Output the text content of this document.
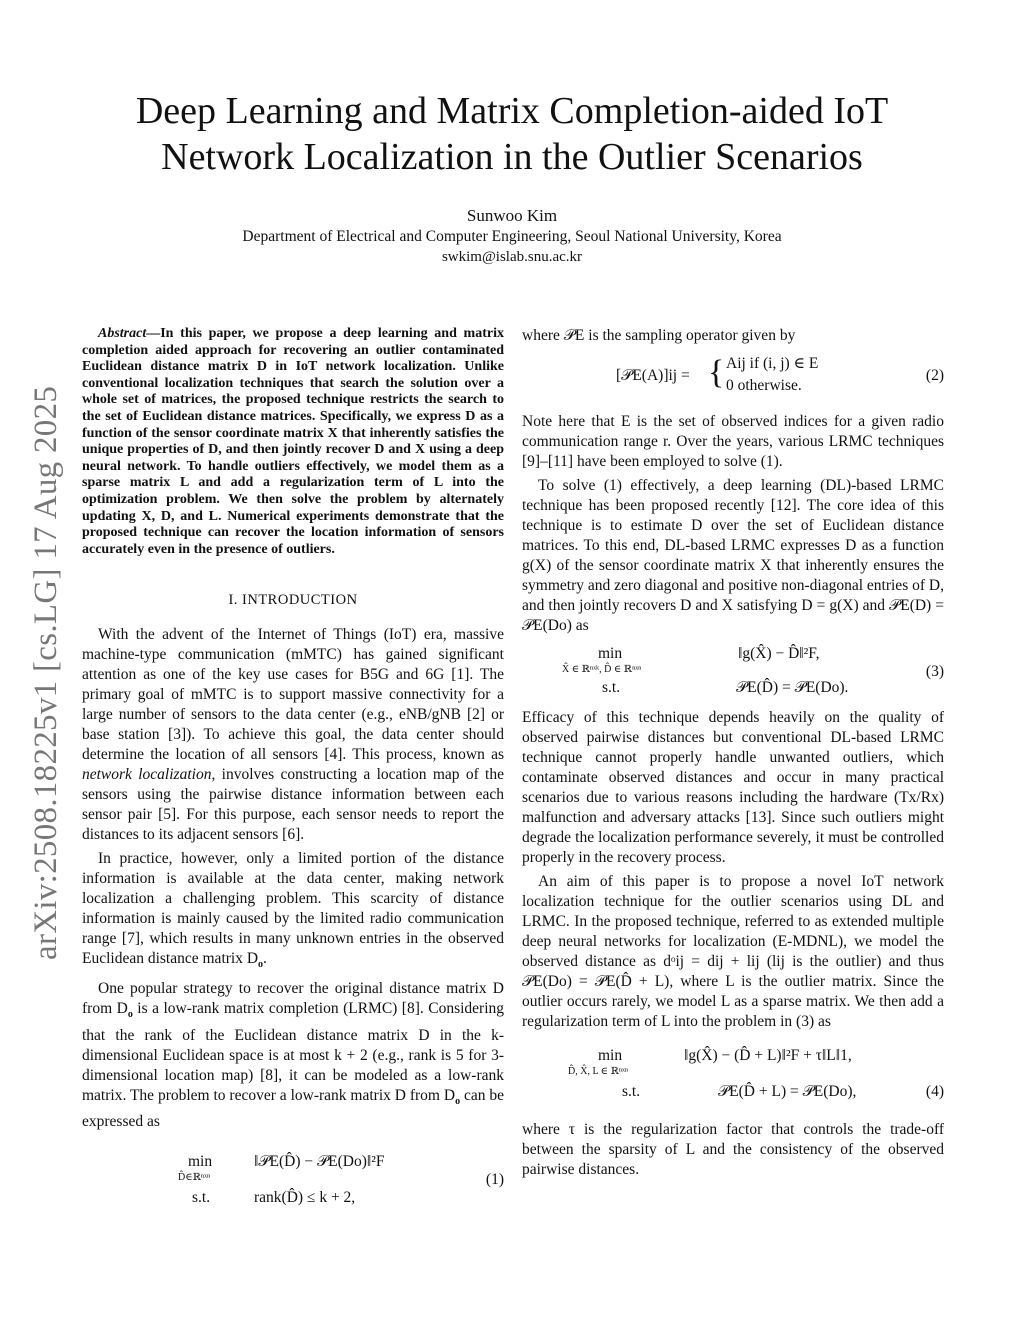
Deep Learning and Matrix Completion-aided IoT
Network Localization in the Outlier Scenarios
Sunwoo Kim
Department of Electrical and Computer Engineering, Seoul National University, Korea
swkim@islab.snu.ac.kr
arXiv:2508.18225v1 [cs.LG] 17 Aug 2025

Abstract—In this paper, we propose a deep learning and matrix completion aided approach for recovering an outlier contaminated Euclidean distance matrix D in IoT network localization. Unlike conventional localization techniques that search the solution over a whole set of matrices, the proposed technique restricts the search to the set of Euclidean distance matrices. Specifically, we express D as a function of the sensor coordinate matrix X that inherently satisfies the unique properties of D, and then jointly recover D and X using a deep neural network. To handle outliers effectively, we model them as a sparse matrix L and add a regularization term of L into the optimization problem. We then solve the problem by alternately updating X, D, and L. Numerical experiments demonstrate that the proposed technique can recover the location information of sensors accurately even in the presence of outliers.

I. INTRODUCTION

With the advent of the Internet of Things (IoT) era, massive machine-type communication (mMTC) has gained significant attention as one of the key use cases for B5G and 6G [1]. The primary goal of mMTC is to support massive connectivity for a large number of sensors to the data center (e.g., eNB/gNB [2] or base station [3]). To achieve this goal, the data center should determine the location of all sensors [4]. This process, known as network localization, involves constructing a location map of the sensors using the pairwise distance information between each sensor pair [5]. For this purpose, each sensor needs to report the distances to its adjacent sensors [6].

In practice, however, only a limited portion of the distance information is available at the data center, making network localization a challenging problem. This scarcity of distance information is mainly caused by the limited radio communication range [7], which results in many unknown entries in the observed Euclidean distance matrix $D_o$.

One popular strategy to recover the original distance matrix D from $D_o$ is a low-rank matrix completion (LRMC) [8]. Considering that the rank of the Euclidean distance matrix D in the k-dimensional Euclidean space is at most k + 2 (e.g., rank is 5 for 3-dimensional location map) [8], it can be modeled as a low-rank matrix. The problem to recover a low-rank matrix D from $D_o$ can be expressed as

min
D̂∈ℝⁿˣⁿ
‖𝒫E(D̂) − 𝒫E(Do)‖²F
s.t.	rank(D̂) ≤ k + 2,
(1)

where 𝒫E is the sampling operator given by

[𝒫E(A)]ij = { Aij if (i, j) ∈ E
0 otherwise.
(2)

Note here that E is the set of observed indices for a given radio communication range r. Over the years, various LRMC techniques [9]–[11] have been employed to solve (1).

To solve (1) effectively, a deep learning (DL)-based LRMC technique has been proposed recently [12]. The core idea of this technique is to estimate D over the set of Euclidean distance matrices. To this end, DL-based LRMC expresses D as a function g(X) of the sensor coordinate matrix X that inherently ensures the symmetry and zero diagonal and positive non-diagonal entries of D, and then jointly recovers D and X satisfying D = g(X) and 𝒫E(D) = 𝒫E(Do) as

min
X̂ ∈ ℝⁿˣᵏ, D̂ ∈ ℝⁿˣⁿ
‖g(X̂) − D̂‖²F,
s.t.	𝒫E(D̂) = 𝒫E(Do).
(3)

Efficacy of this technique depends heavily on the quality of observed pairwise distances but conventional DL-based LRMC technique cannot properly handle unwanted outliers, which contaminate observed distances and occur in many practical scenarios due to various reasons including the hardware (Tx/Rx) malfunction and adversary attacks [13]. Since such outliers might degrade the localization performance severely, it must be controlled properly in the recovery process.

An aim of this paper is to propose a novel IoT network localization technique for the outlier scenarios using DL and LRMC. In the proposed technique, referred to as extended multiple deep neural networks for localization (E-MDNL), we model the observed distance as dᵒij = dij + lij (lij is the outlier) and thus 𝒫E(Do) = 𝒫E(D̂ + L), where L is the outlier matrix. Since the outlier occurs rarely, we model L as a sparse matrix. We then add a regularization term of L into the problem in (3) as

min
D̂, X̂, L ∈ ℝⁿˣⁿ
‖g(X̂) − (D̂ + L)‖²F + τ‖L‖1,
s.t.	𝒫E(D̂ + L) = 𝒫E(Do),	(4)

where τ is the regularization factor that controls the trade-off between the sparsity of L and the consistency of the observed pairwise distances.
